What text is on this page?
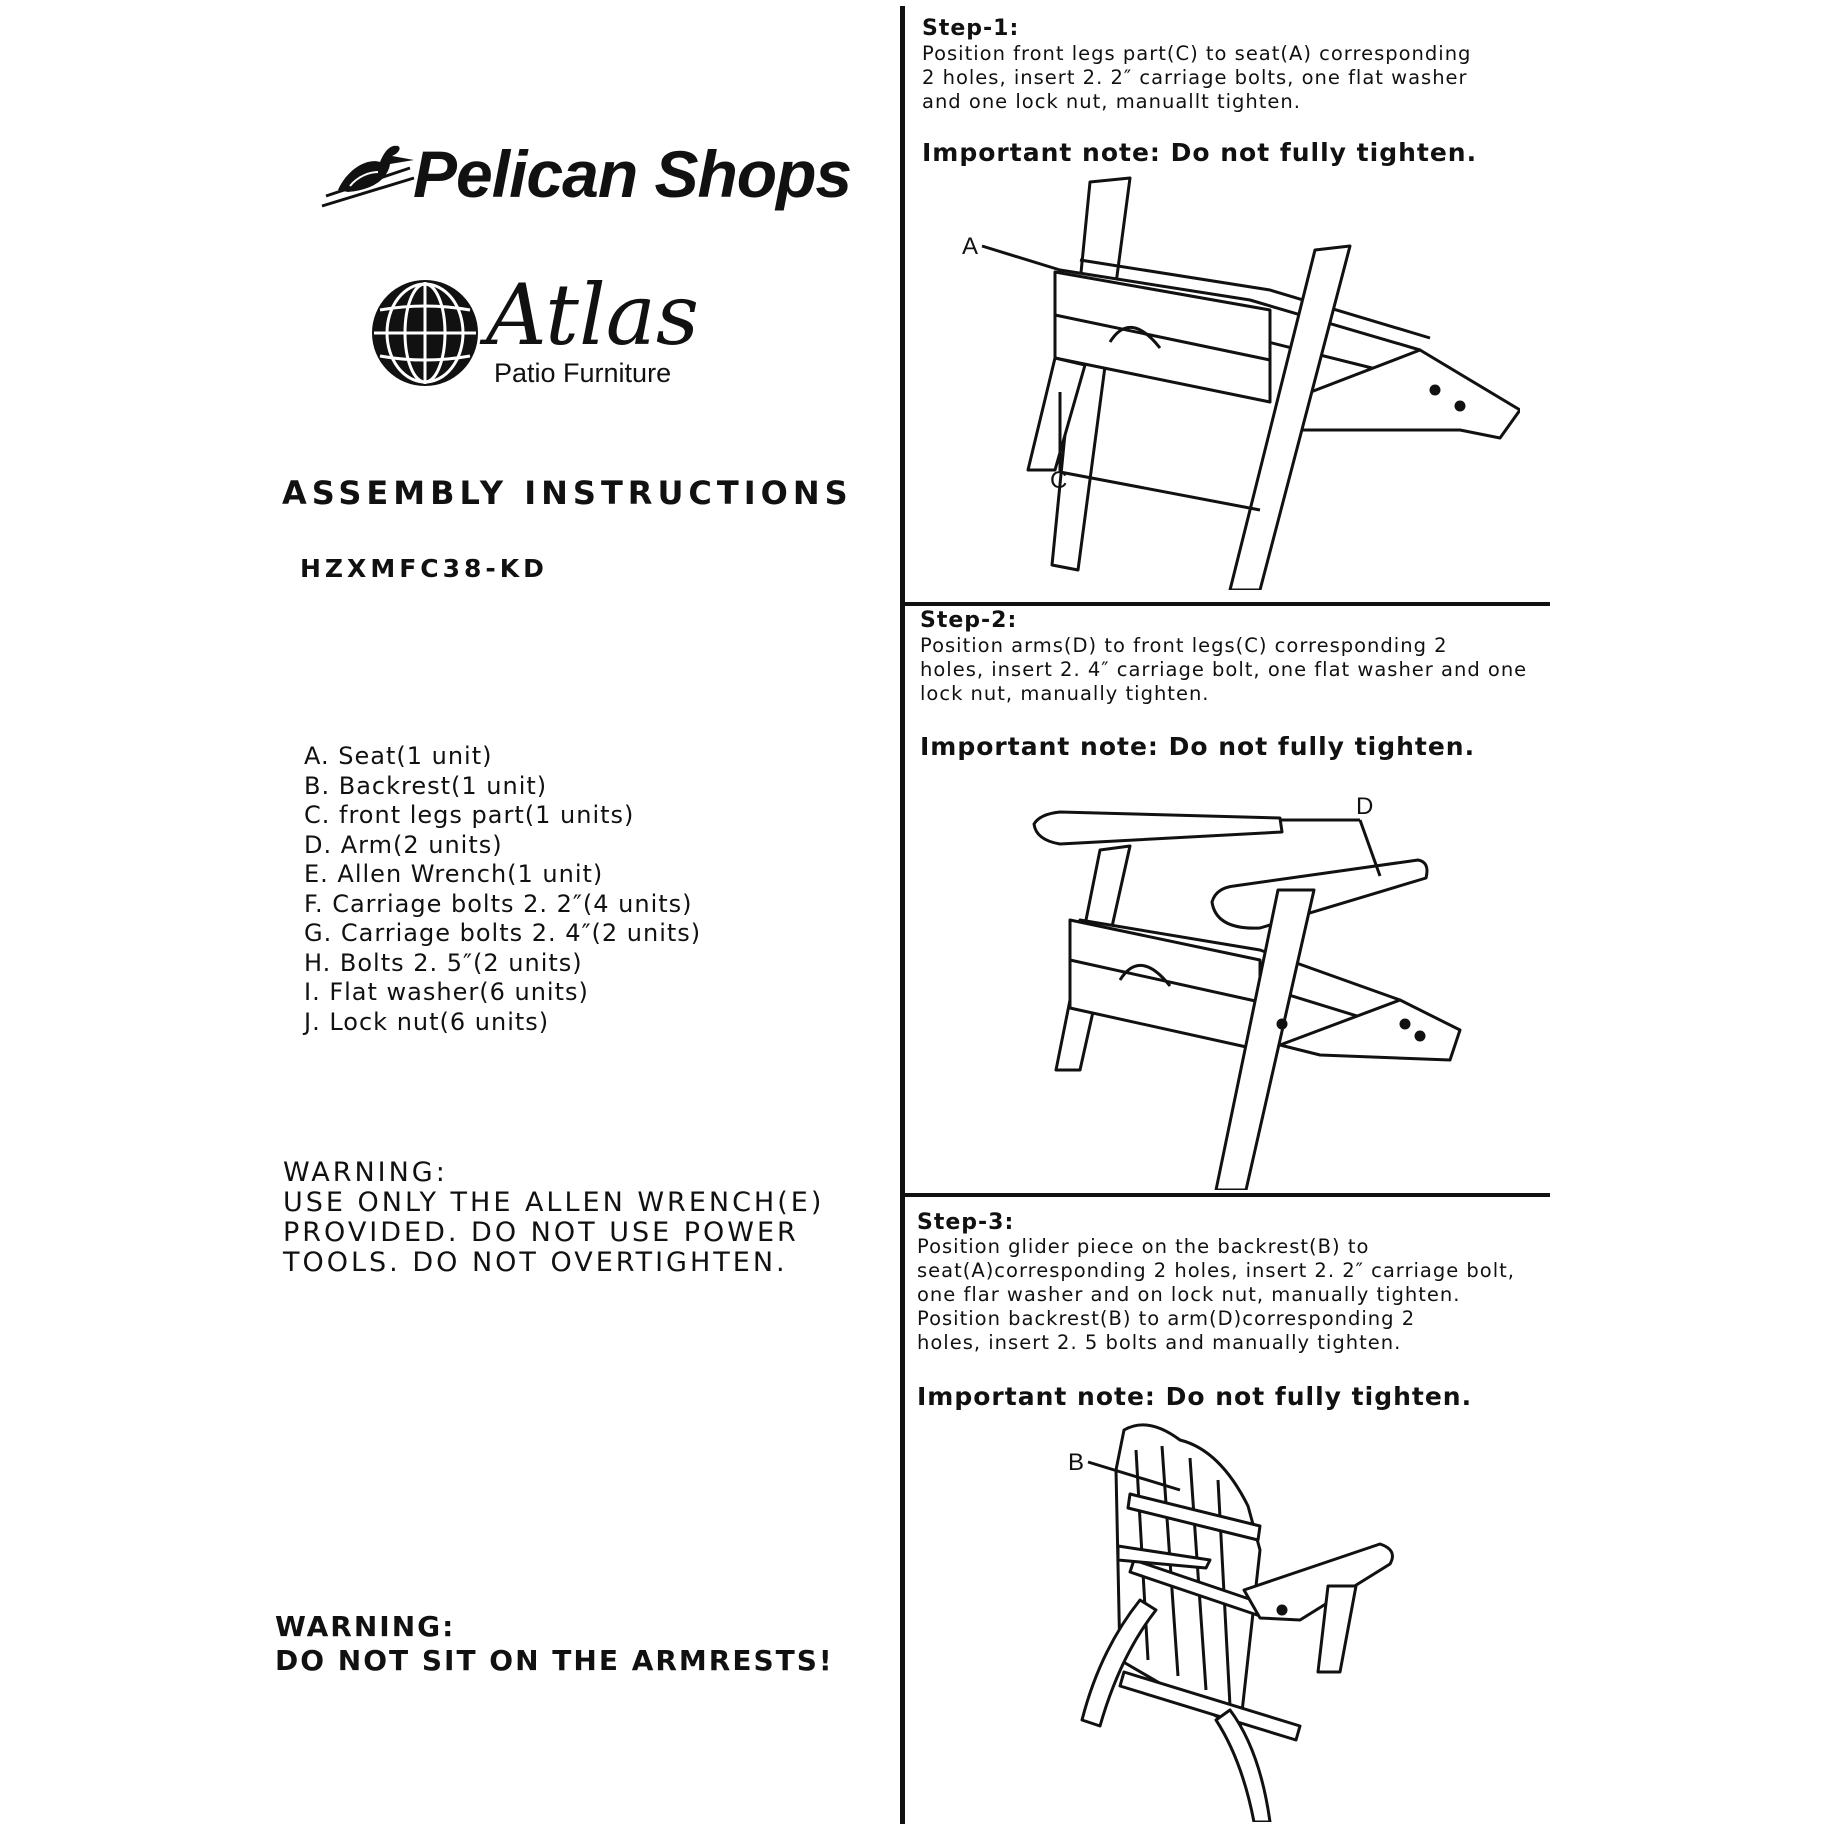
Pelican Shops
Atlas
Patio Furniture
ASSEMBLY INSTRUCTIONS
HZXMFC38-KD
A. Seat(1 unit)
B. Backrest(1 unit)
C. front legs part(1 units)
D. Arm(2 units)
E. Allen Wrench(1 unit)
F. Carriage bolts 2. 2″(4 units)
G. Carriage bolts 2. 4″(2 units)
H. Bolts 2. 5″(2 units)
I. Flat washer(6 units)
J. Lock nut(6 units)
WARNING:
USE ONLY THE ALLEN WRENCH(E)
PROVIDED. DO NOT USE POWER
TOOLS. DO NOT OVERTIGHTEN.
WARNING:
DO NOT SIT ON THE ARMRESTS!
Step-1:
Position front legs part(C) to seat(A) corresponding
2 holes, insert 2. 2″ carriage bolts, one flat washer
and one lock nut, manuallt tighten.
Important note: Do not fully tighten.
A
C
Step-2:
Position arms(D) to front legs(C) corresponding 2
holes, insert 2. 4″ carriage bolt, one flat washer and one
lock nut, manually tighten.
Important note: Do not fully tighten.
D
Step-3:
Position glider piece on the backrest(B) to
seat(A)corresponding 2 holes, insert 2. 2″ carriage bolt,
one flar washer and on lock nut, manually tighten.
Position backrest(B) to arm(D)corresponding 2
holes, insert 2. 5 bolts and manually tighten.
Important note: Do not fully tighten.
B
